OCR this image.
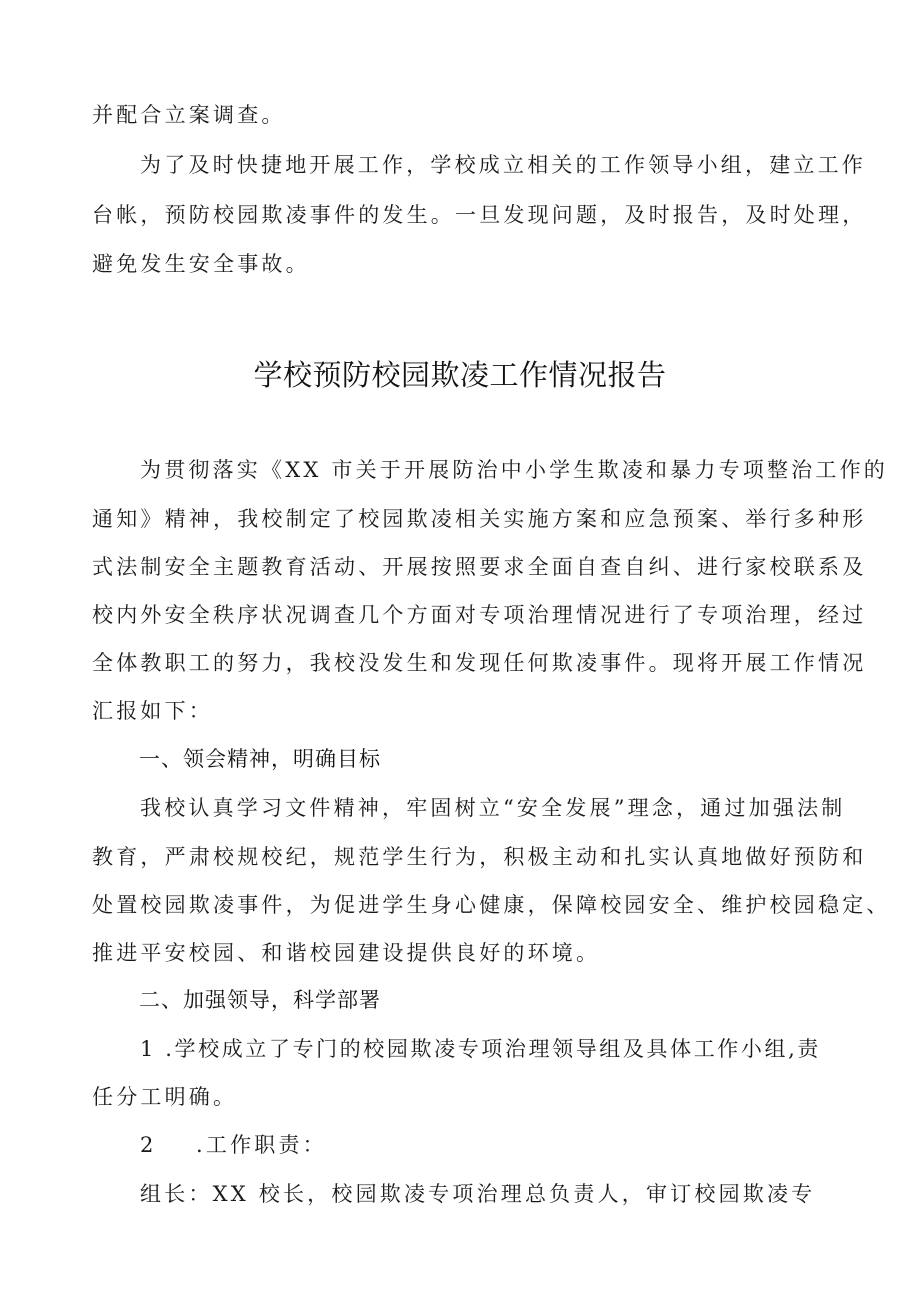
并配合立案调查。
为了及时快捷地开展工作，学校成立相关的工作领导小组，建立工作
台帐，预防校园欺凌事件的发生。一旦发现问题，及时报告，及时处理，
避免发生安全事故。
学校预防校园欺凌工作情况报告
为贯彻落实《XX 市关于开展防治中小学生欺凌和暴力专项整治工作的
通知》精神，我校制定了校园欺凌相关实施方案和应急预案、举行多种形
式法制安全主题教育活动、开展按照要求全面自查自纠、进行家校联系及
校内外安全秩序状况调查几个方面对专项治理情况进行了专项治理，经过
全体教职工的努力，我校没发生和发现任何欺凌事件。现将开展工作情况
汇报如下：
一、领会精神，明确目标
我校认真学习文件精神，牢固树立“安全发展”理念，通过加强法制
教育，严肃校规校纪，规范学生行为，积极主动和扎实认真地做好预防和
处置校园欺凌事件，为促进学生身心健康，保障校园安全、维护校园稳定、
推进平安校园、和谐校园建设提供良好的环境。
二、加强领导，科学部署
1 .学校成立了专门的校园欺凌专项治理领导组及具体工作小组,责
任分工明确。
2 .工作职责：
组长：XX 校长，校园欺凌专项治理总负责人，审订校园欺凌专
